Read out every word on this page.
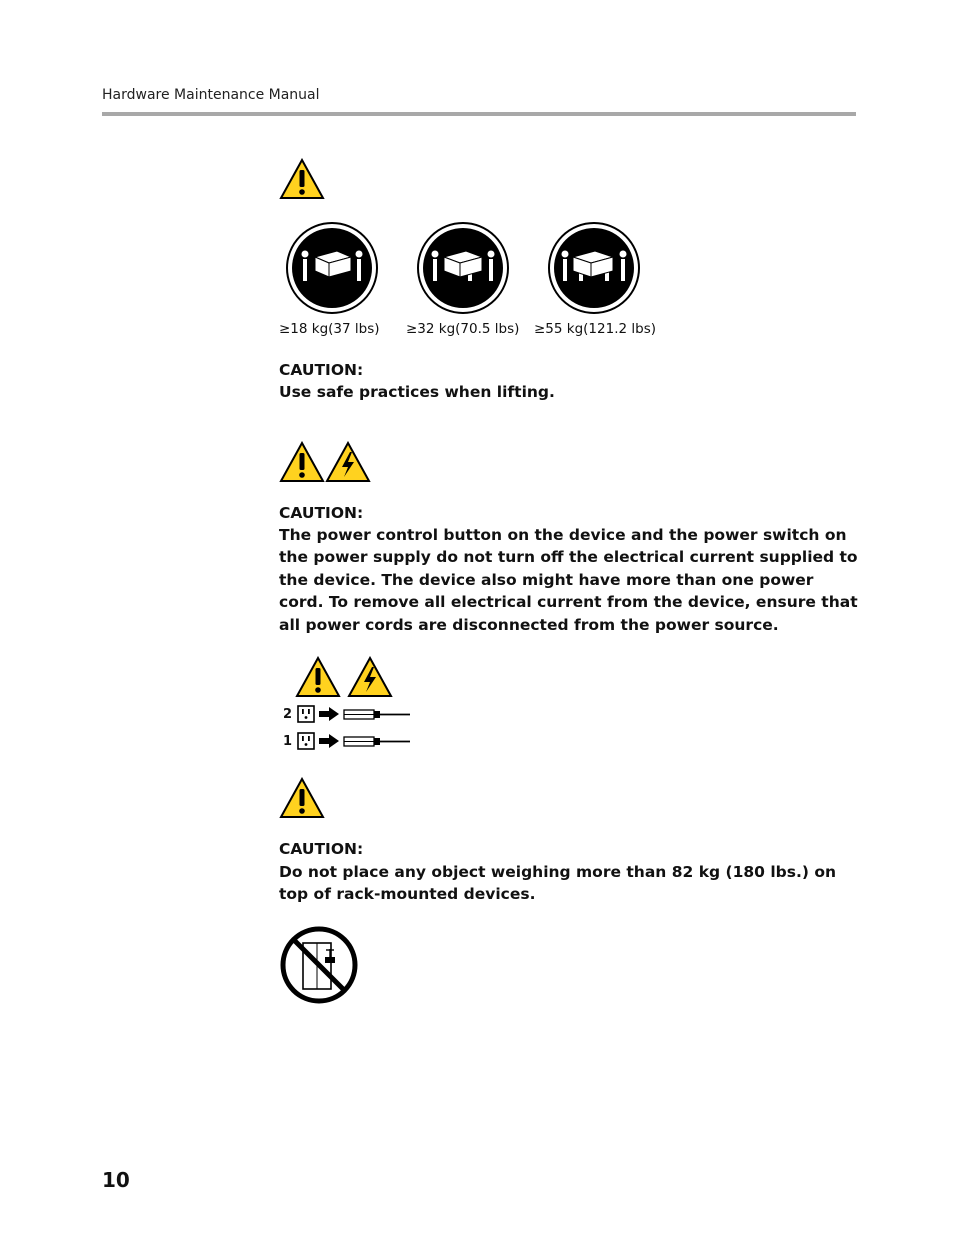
Hardware Maintenance Manual
≥18 kg(37 lbs) ≥32 kg(70.5 lbs) ≥55 kg(121.2 lbs)
CAUTION:
Use safe practices when lifting.
CAUTION:
The power control button on the device and the power switch on the power supply do not turn off the electrical current supplied to the device. The device also might have more than one power cord. To remove all electrical current from the device, ensure that all power cords are disconnected from the power source.
2
1
CAUTION:
Do not place any object weighing more than 82 kg (180 lbs.) on top of rack-mounted devices.
10
